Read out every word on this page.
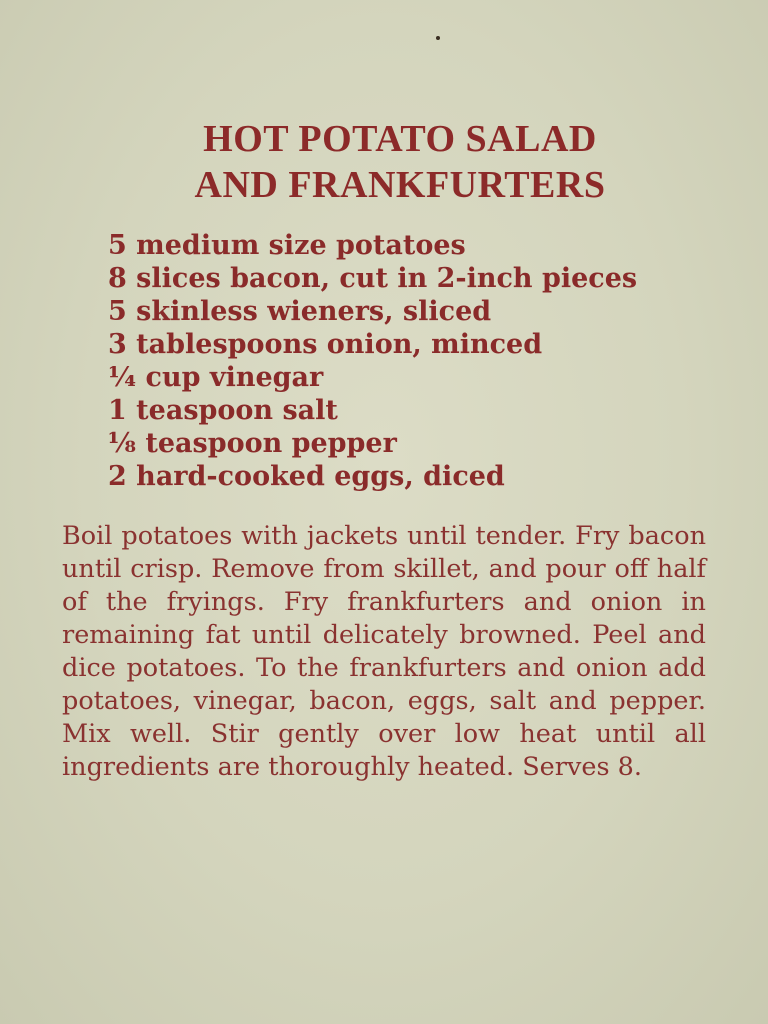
HOT POTATO SALAD
AND FRANKFURTERS
5 medium size potatoes
8 slices bacon, cut in 2-inch pieces
5 skinless wieners, sliced
3 tablespoons onion, minced
¼ cup vinegar
1 teaspoon salt
⅛ teaspoon pepper
2 hard-cooked eggs, diced

Boil potatoes with jackets until tender. Fry bacon until crisp. Remove from skillet, and pour off half of the fryings. Fry frankfurters and onion in remaining fat until delicately browned. Peel and dice potatoes. To the frankfurters and onion add potatoes, vinegar, bacon, eggs, salt and pepper. Mix well. Stir gently over low heat until all ingredients are thoroughly heated. Serves 8.
